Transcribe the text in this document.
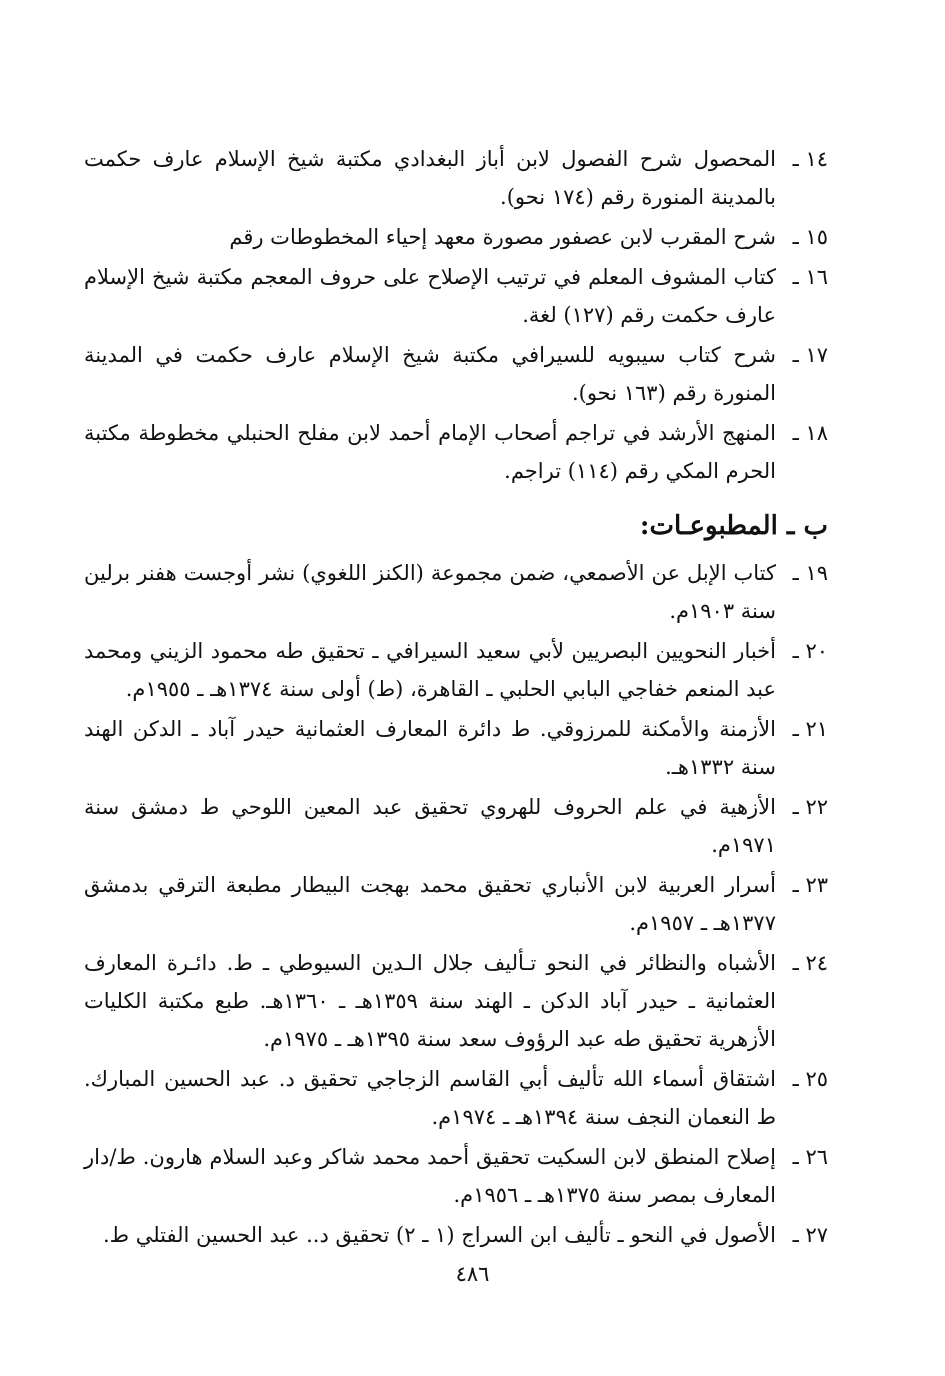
١٤ ـالمحصول شرح الفصول لابن أباز البغدادي مكتبة شيخ الإسلام عارف حكمت بالمدينة المنورة رقم (١٧٤ نحو).
١٥ ـشرح المقرب لابن عصفور مصورة معهد إحياء المخطوطات رقم
١٦ ـكتاب المشوف المعلم في ترتيب الإصلاح على حروف المعجم مكتبة شيخ الإسلام عارف حكمت رقم (١٢٧) لغة.
١٧ ـشرح كتاب سيبويه للسيرافي مكتبة شيخ الإسلام عارف حكمت في المدينة المنورة رقم (١٦٣ نحو).
١٨ ـالمنهج الأرشد في تراجم أصحاب الإمام أحمد لابن مفلح الحنبلي مخطوطة مكتبة الحرم المكي رقم (١١٤) تراجم.
ب ـ المطبوعـات:
١٩ ـكتاب الإبل عن الأصمعي، ضمن مجموعة (الكنز اللغوي) نشر أوجست هفنر برلين سنة ١٩٠٣م.
٢٠ ـأخبار النحويين البصريين لأبي سعيد السيرافي ـ تحقيق طه محمود الزيني ومحمد عبد المنعم خفاجي البابي الحلبي ـ القاهرة، (ط) أولى سنة ١٣٧٤هـ ـ ١٩٥٥م.
٢١ ـالأزمنة والأمكنة للمرزوقي. ط دائرة المعارف العثمانية حيدر آباد ـ الدكن الهند سنة ١٣٣٢هـ.
٢٢ ـالأزهية في علم الحروف للهروي تحقيق عبد المعين اللوحي ط دمشق سنة ١٩٧١م.
٢٣ ـأسرار العربية لابن الأنباري تحقيق محمد بهجت البيطار مطبعة الترقي بدمشق ١٣٧٧هـ ـ ١٩٥٧م.
٢٤ ـالأشباه والنظائر في النحو تـأليف جلال الـدين السيوطي ـ ط. دائـرة المعارف العثمانية ـ حيدر آباد الدكن ـ الهند سنة ١٣٥٩هـ ـ ١٣٦٠هـ. طبع مكتبة الكليات الأزهرية تحقيق طه عبد الرؤوف سعد سنة ١٣٩٥هـ ـ ١٩٧٥م.
٢٥ ـاشتقاق أسماء الله تأليف أبي القاسم الزجاجي تحقيق د. عبد الحسين المبارك. ط النعمان النجف سنة ١٣٩٤هـ ـ ١٩٧٤م.
٢٦ ـإصلاح المنطق لابن السكيت تحقيق أحمد محمد شاكر وعبد السلام هارون. ط/دار المعارف بمصر سنة ١٣٧٥هـ ـ ١٩٥٦م.
٢٧ ـالأصول في النحو ـ تأليف ابن السراج (١ ـ ٢) تحقيق د.. عبد الحسين الفتلي ط.
٤٨٦
